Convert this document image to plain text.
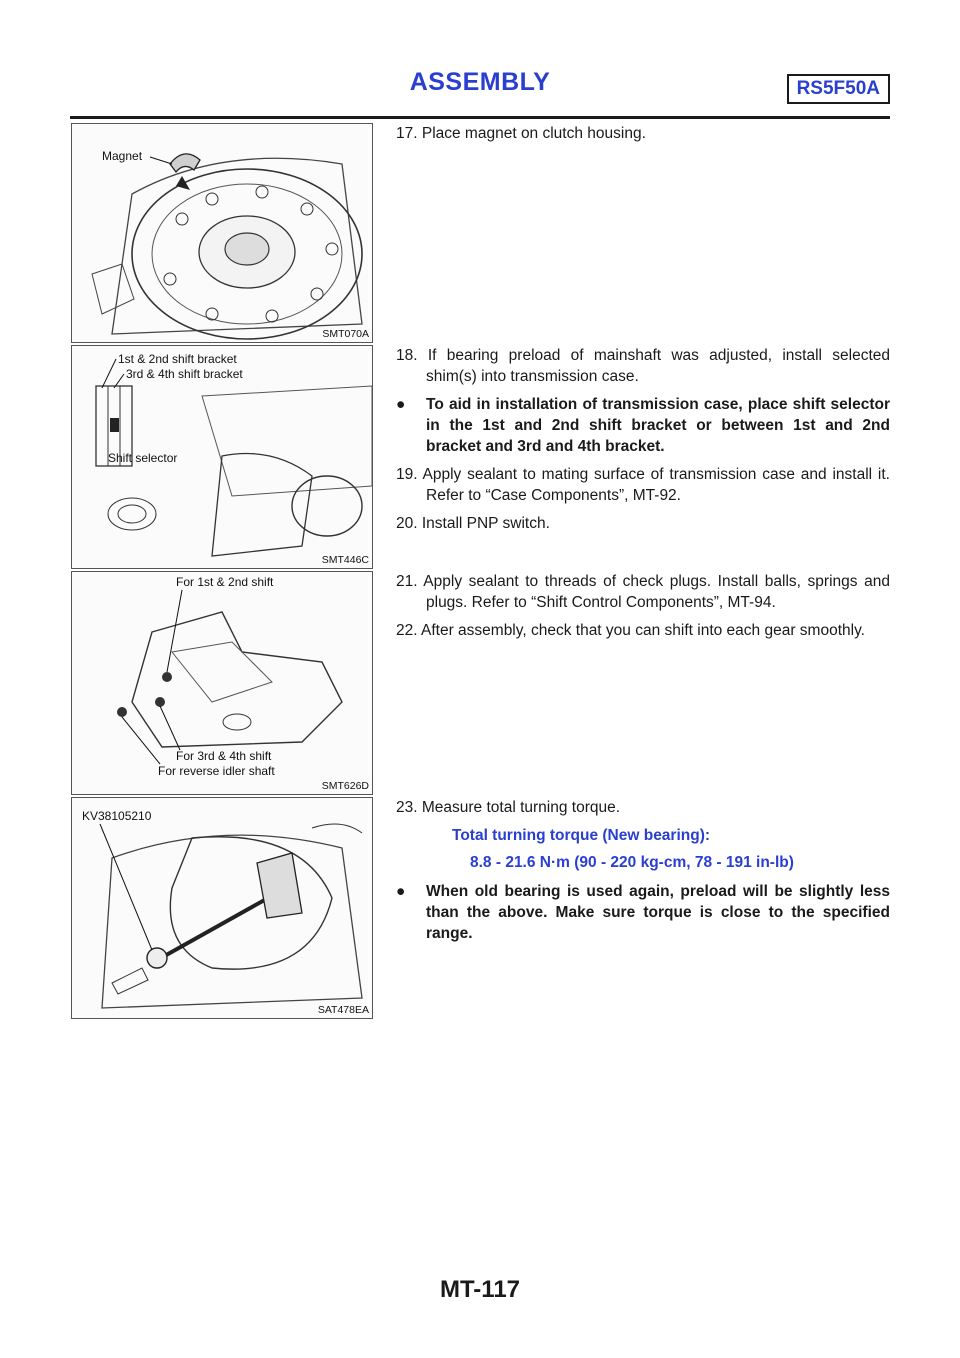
ASSEMBLY	RS5F50A
Magnet
SMT070A
1st & 2nd shift bracket
3rd & 4th shift bracket
Shift selector
SMT446C
For 1st & 2nd shift
For 3rd & 4th shift
For reverse idler shaft
SMT626D
KV38105210
SAT478EA

17. Place magnet on clutch housing.

18. If bearing preload of mainshaft was adjusted, install selected shim(s) into transmission case.

● To aid in installation of transmission case, place shift selector in the 1st and 2nd shift bracket or between 1st and 2nd bracket and 3rd and 4th bracket.

19. Apply sealant to mating surface of transmission case and install it. Refer to “Case Components”, MT-92.

20. Install PNP switch.

21. Apply sealant to threads of check plugs. Install balls, springs and plugs. Refer to “Shift Control Components”, MT-94.

22. After assembly, check that you can shift into each gear smoothly.

23. Measure total turning torque.

Total turning torque (New bearing):
8.8 - 21.6 N·m (90 - 220 kg-cm, 78 - 191 in-lb)

● When old bearing is used again, preload will be slightly less than the above. Make sure torque is close to the specified range.

MT-117
